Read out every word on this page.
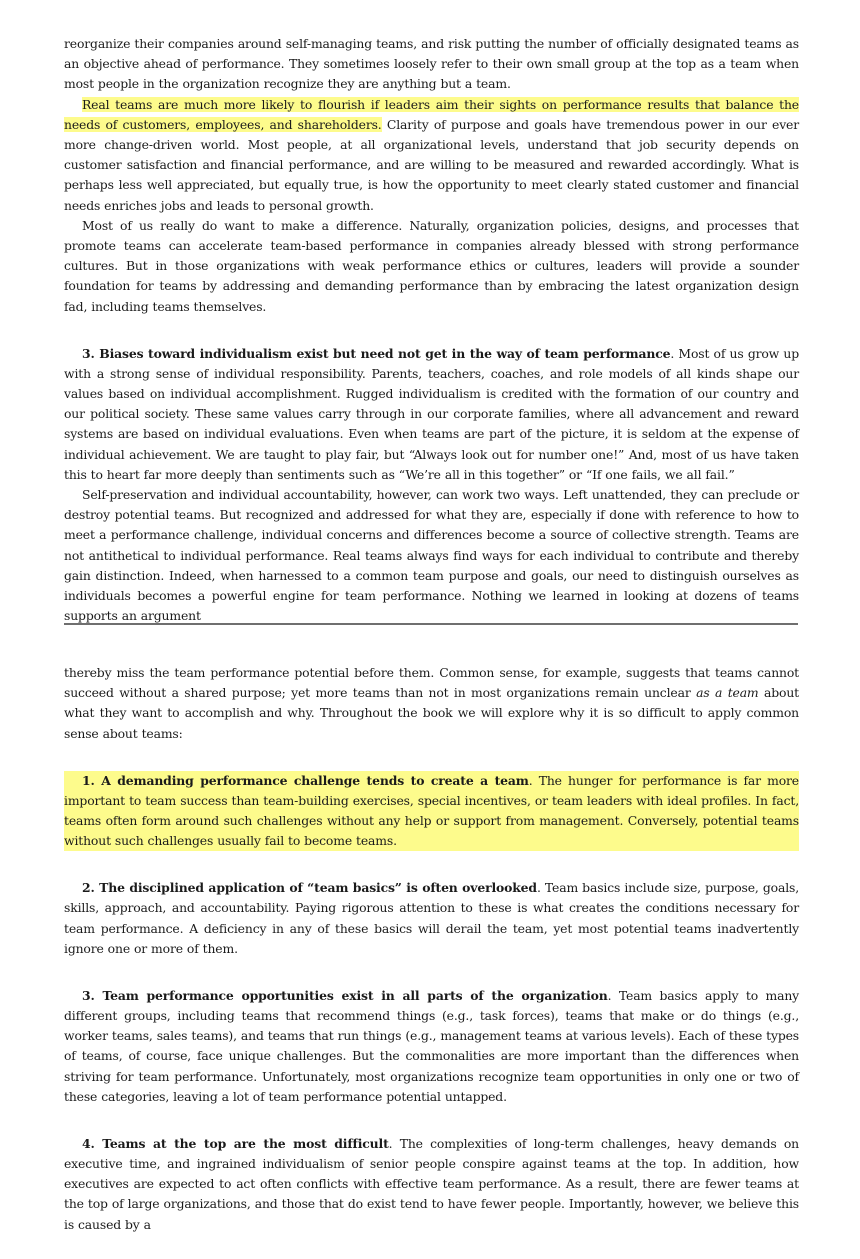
reorganize their companies around self-managing teams, and risk putting the number of officially designated teams as an objective ahead of performance. They sometimes loosely refer to their own small group at the top as a team when most people in the organization recognize they are anything but a team.

Real teams are much more likely to flourish if leaders aim their sights on performance results that balance the needs of customers, employees, and shareholders. Clarity of purpose and goals have tremendous power in our ever more change-driven world. Most people, at all organizational levels, understand that job security depends on customer satisfaction and financial performance, and are willing to be measured and rewarded accordingly. What is perhaps less well appreciated, but equally true, is how the opportunity to meet clearly stated customer and financial needs enriches jobs and leads to personal growth.

Most of us really do want to make a difference. Naturally, organization policies, designs, and processes that promote teams can accelerate team-based performance in companies already blessed with strong performance cultures. But in those organizations with weak performance ethics or cultures, leaders will provide a sounder foundation for teams by addressing and demanding performance than by embracing the latest organization design fad, including teams themselves.

3. Biases toward individualism exist but need not get in the way of team performance. Most of us grow up with a strong sense of individual responsibility. Parents, teachers, coaches, and role models of all kinds shape our values based on individual accomplishment. Rugged individualism is credited with the formation of our country and our political society. These same values carry through in our corporate families, where all advancement and reward systems are based on individual evaluations. Even when teams are part of the picture, it is seldom at the expense of individual achievement. We are taught to play fair, but “Always look out for number one!” And, most of us have taken this to heart far more deeply than sentiments such as “We’re all in this together” or “If one fails, we all fail.”

Self-preservation and individual accountability, however, can work two ways. Left unattended, they can preclude or destroy potential teams. But recognized and addressed for what they are, especially if done with reference to how to meet a performance challenge, individual concerns and differences become a source of collective strength. Teams are not antithetical to individual performance. Real teams always find ways for each individual to contribute and thereby gain distinction. Indeed, when harnessed to a common team purpose and goals, our need to distinguish ourselves as individuals becomes a powerful engine for team performance. Nothing we learned in looking at dozens of teams supports an argument

thereby miss the team performance potential before them. Common sense, for example, suggests that teams cannot succeed without a shared purpose; yet more teams than not in most organizations remain unclear as a team about what they want to accomplish and why. Throughout the book we will explore why it is so difficult to apply common sense about teams:

1. A demanding performance challenge tends to create a team. The hunger for performance is far more important to team success than team-building exercises, special incentives, or team leaders with ideal profiles. In fact, teams often form around such challenges without any help or support from management. Conversely, potential teams without such challenges usually fail to become teams.

2. The disciplined application of “team basics” is often overlooked. Team basics include size, purpose, goals, skills, approach, and accountability. Paying rigorous attention to these is what creates the conditions necessary for team performance. A deficiency in any of these basics will derail the team, yet most potential teams inadvertently ignore one or more of them.

3. Team performance opportunities exist in all parts of the organization. Team basics apply to many different groups, including teams that recommend things (e.g., task forces), teams that make or do things (e.g., worker teams, sales teams), and teams that run things (e.g., management teams at various levels). Each of these types of teams, of course, face unique challenges. But the commonalities are more important than the differences when striving for team performance. Unfortunately, most organizations recognize team opportunities in only one or two of these categories, leaving a lot of team performance potential untapped.

4. Teams at the top are the most difficult. The complexities of long-term challenges, heavy demands on executive time, and ingrained individualism of senior people conspire against teams at the top. In addition, how executives are expected to act often conflicts with effective team performance. As a result, there are fewer teams at the top of large organizations, and those that do exist tend to have fewer people. Importantly, however, we believe this is caused by a
